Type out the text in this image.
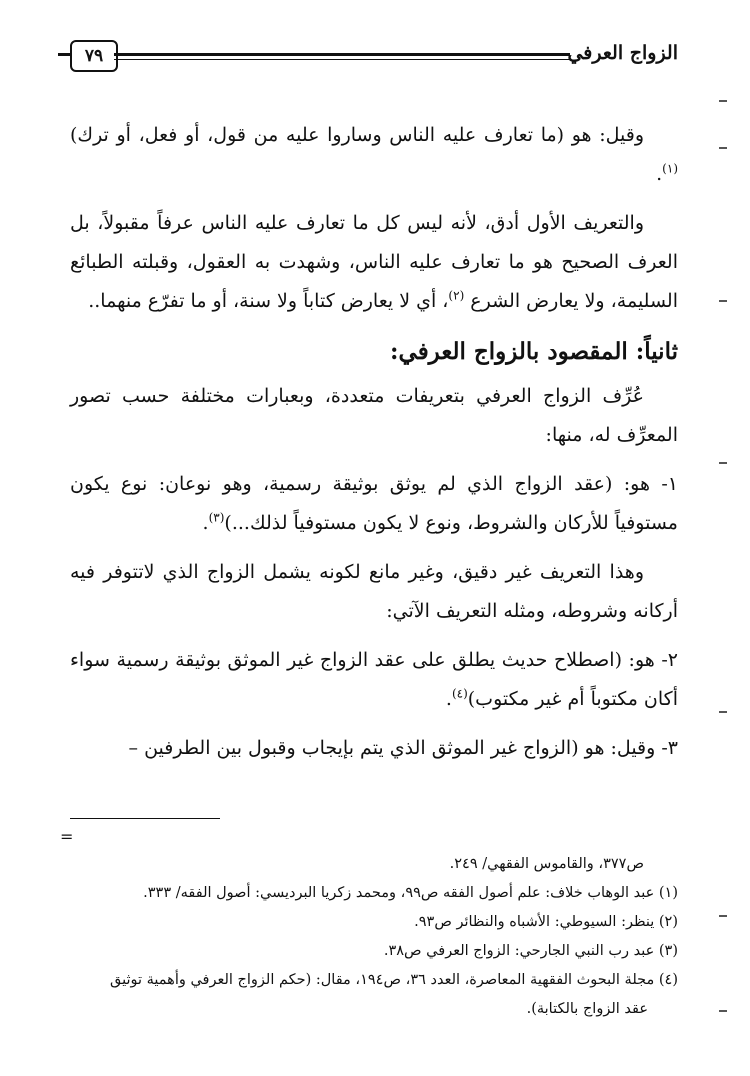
٧٩	الزواج العرفي

وقيل: هو (ما تعارف عليه الناس وساروا عليه من قول، أو فعل، أو ترك)$^{(١)}$.

والتعريف الأول أدق، لأنه ليس كل ما تعارف عليه الناس عرفاً مقبولاً، بل العرف الصحيح هو ما تعارف عليه الناس، وشهدت به العقول، وقبلته الطبائع السليمة، ولا يعارض الشرع $^{(٢)}$، أي لا يعارض كتاباً ولا سنة، أو ما تفرّع منهما..

ثانياً: المقصود بالزواج العرفي:

عُرِّف الزواج العرفي بتعريفات متعددة، وبعبارات مختلفة حسب تصور المعرِّف له، منها:

١- هو: (عقد الزواج الذي لم يوثق بوثيقة رسمية، وهو نوعان: نوع يكون مستوفياً للأركان والشروط، ونوع لا يكون مستوفياً لذلك...)$^{(٣)}$.

وهذا التعريف غير دقيق، وغير مانع لكونه يشمل الزواج الذي لاتتوفر فيه أركانه وشروطه، ومثله التعريف الآتي:

٢- هو: (اصطلاح حديث يطلق على عقد الزواج غير الموثق بوثيقة رسمية سواء أكان مكتوباً أم غير مكتوب)$^{(٤)}$.

٣- وقيل: هو (الزواج غير الموثق الذي يتم بإيجاب وقبول بين الطرفين –

=

ص٣٧٧، والقاموس الفقهي/ ٢٤٩.

(١) عبد الوهاب خلاف: علم أصول الفقه ص٩٩، ومحمد زكريا البرديسي: أصول الفقه/ ٣٣٣.

(٢) ينظر: السيوطي: الأشباه والنظائر ص٩٣.

(٣) عبد رب النبي الجارحي: الزواج العرفي ص٣٨.

(٤) مجلة البحوث الفقهية المعاصرة، العدد ٣٦، ص١٩٤، مقال: (حكم الزواج العرفي وأهمية توثيق

عقد الزواج بالكتابة).
